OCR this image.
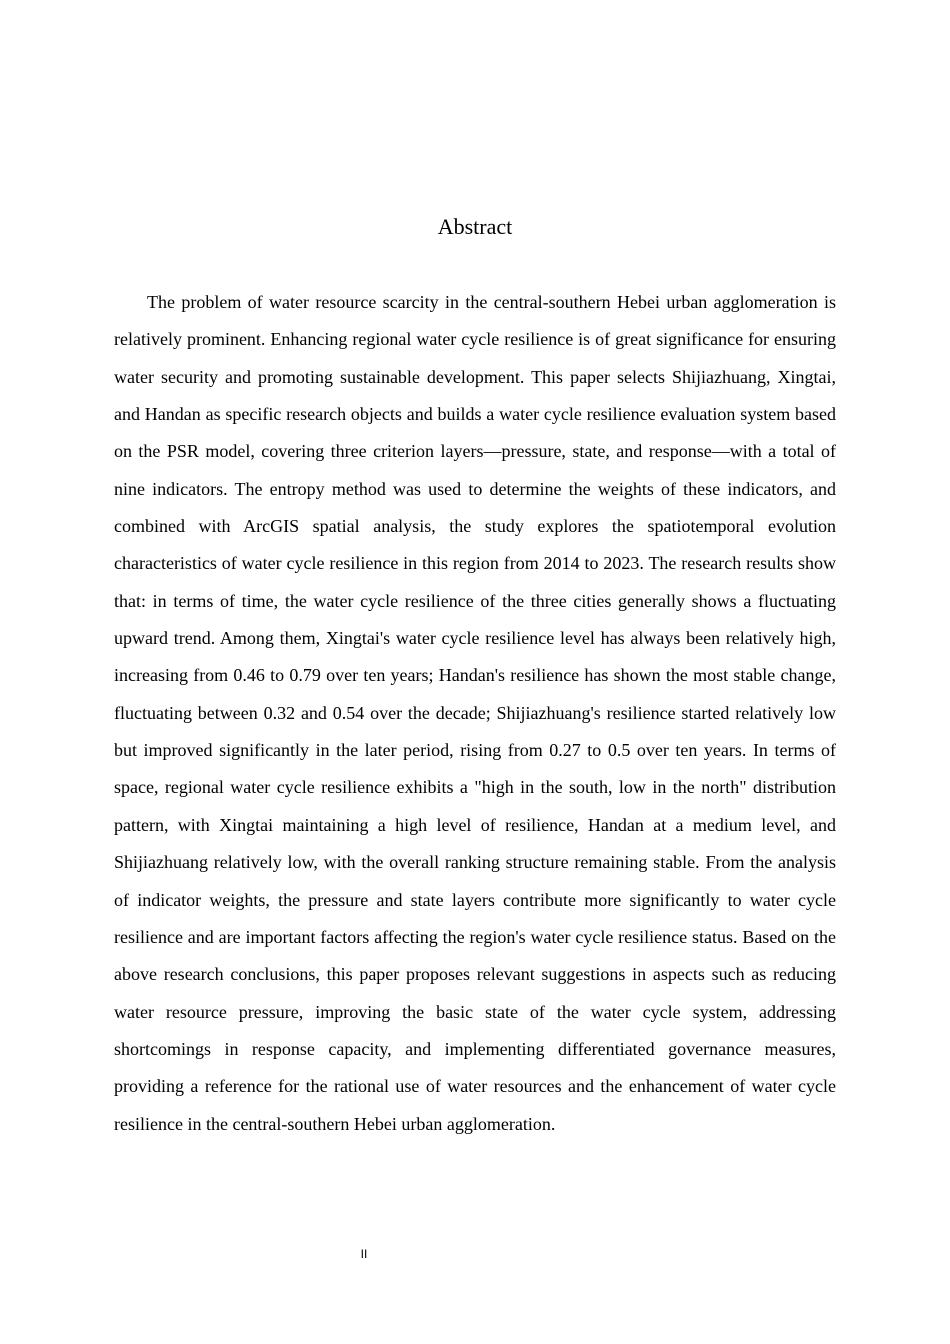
Abstract

The problem of water resource scarcity in the central-southern Hebei urban agglomeration is relatively prominent. Enhancing regional water cycle resilience is of great significance for ensuring water security and promoting sustainable development. This paper selects Shijiazhuang, Xingtai, and Handan as specific research objects and builds a water cycle resilience evaluation system based on the PSR model, covering three criterion layers—pressure, state, and response—with a total of nine indicators. The entropy method was used to determine the weights of these indicators, and combined with ArcGIS spatial analysis, the study explores the spatiotemporal evolution characteristics of water cycle resilience in this region from 2014 to 2023. The research results show that: in terms of time, the water cycle resilience of the three cities generally shows a fluctuating upward trend. Among them, Xingtai's water cycle resilience level has always been relatively high, increasing from 0.46 to 0.79 over ten years; Handan's resilience has shown the most stable change, fluctuating between 0.32 and 0.54 over the decade; Shijiazhuang's resilience started relatively low but improved significantly in the later period, rising from 0.27 to 0.5 over ten years. In terms of space, regional water cycle resilience exhibits a "high in the south, low in the north" distribution pattern, with Xingtai maintaining a high level of resilience, Handan at a medium level, and Shijiazhuang relatively low, with the overall ranking structure remaining stable. From the analysis of indicator weights, the pressure and state layers contribute more significantly to water cycle resilience and are important factors affecting the region's water cycle resilience status. Based on the above research conclusions, this paper proposes relevant suggestions in aspects such as reducing water resource pressure, improving the basic state of the water cycle system, addressing shortcomings in response capacity, and implementing differentiated governance measures, providing a reference for the rational use of water resources and the enhancement of water cycle resilience in the central-southern Hebei urban agglomeration.

II
